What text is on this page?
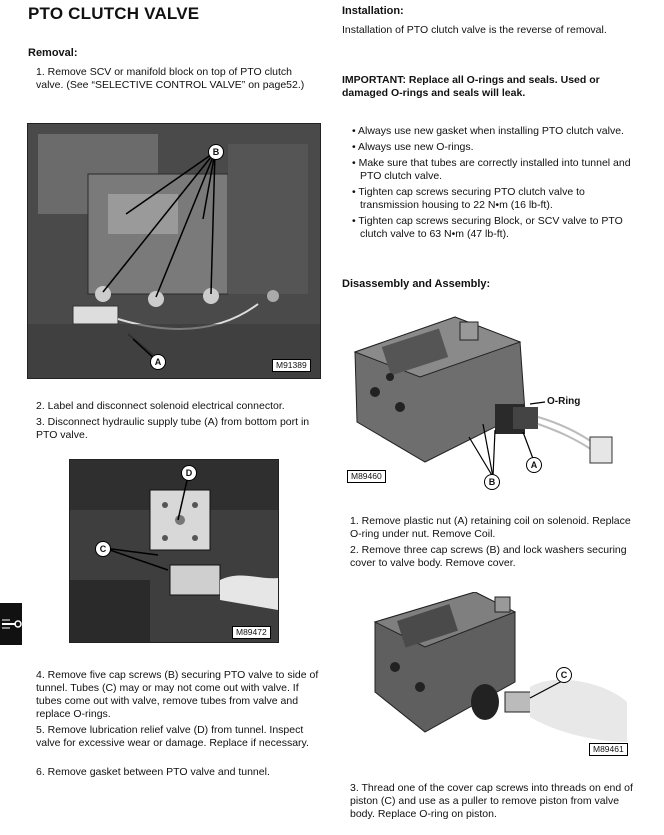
PTO CLUTCH VALVE
Removal:
1. Remove SCV or manifold block on top of PTO clutch valve. (See “SELECTIVE CONTROL VALVE” on page52.)
B
A	M91389
2. Label and disconnect solenoid electrical connector.
3. Disconnect hydraulic supply tube (A) from bottom port in PTO valve.
D
C
M89472
4. Remove five cap screws (B) securing PTO valve to side of tunnel. Tubes (C) may or may not come out with valve. If tubes come out with valve, remove tubes from valve and replace O-rings.
5. Remove lubrication relief valve (D) from tunnel. Inspect valve for excessive wear or damage. Replace if necessary.
6. Remove gasket between PTO valve and tunnel.
Installation:
Installation of PTO clutch valve is the reverse of removal.
IMPORTANT: Replace all O-rings and seals. Used or damaged O-rings and seals will leak.
• Always use new gasket when installing PTO clutch valve.
• Always use new O-rings.
• Make sure that tubes are correctly installed into tunnel and PTO clutch valve.
• Tighten cap screws securing PTO clutch valve to transmission housing to 22 N•m (16 lb-ft).
• Tighten cap screws securing Block, or SCV valve to PTO clutch valve to 63 N•m (47 lb-ft).
Disassembly and Assembly:
O-Ring
A
B
M89460
1. Remove plastic nut (A) retaining coil on solenoid. Replace O-ring under nut. Remove Coil.
2. Remove three cap screws (B) and lock washers securing cover to valve body. Remove cover.
C
M89461
3. Thread one of the cover cap screws into threads on end of piston (C) and use as a puller to remove piston from valve body. Replace O-ring on piston.
